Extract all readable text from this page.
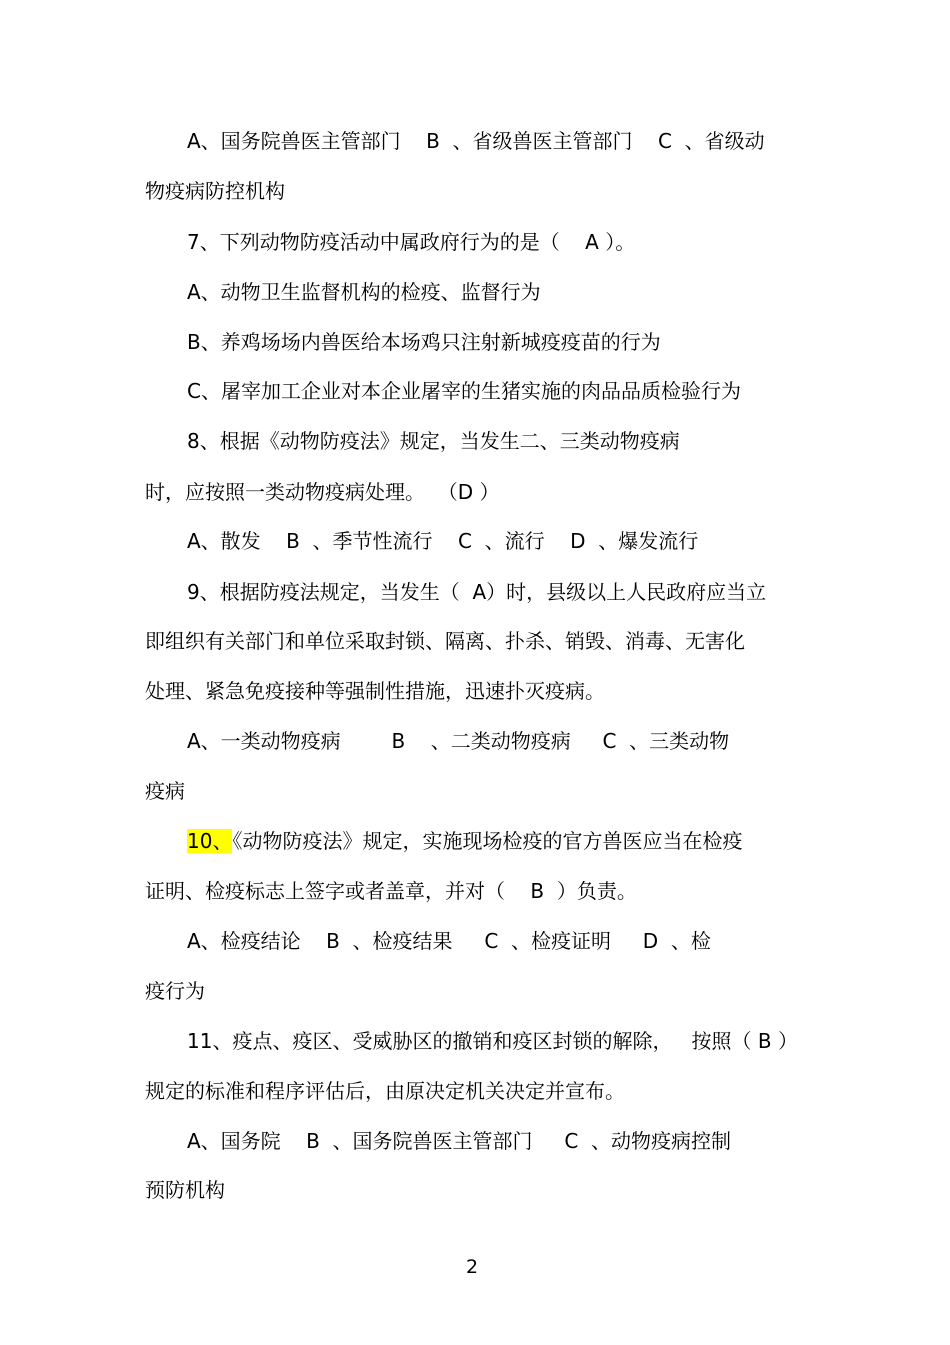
A、国务院兽医主管部门    B  、省级兽医主管部门    C  、省级动
物疫病防控机构
7、下列动物防疫活动中属政府行为的是（    A ）。
A、动物卫生监督机构的检疫、监督行为
B、养鸡场场内兽医给本场鸡只注射新城疫疫苗的行为
C、屠宰加工企业对本企业屠宰的生猪实施的肉品品质检验行为
8、根据《动物防疫法》规定，当发生二、三类动物疫病
时，应按照一类动物疫病处理。  （D ）
A、散发    B  、季节性流行    C  、流行    D  、爆发流行
9、根据防疫法规定，当发生（  A）时，县级以上人民政府应当立
即组织有关部门和单位采取封锁、隔离、扑杀、销毁、消毒、无害化
处理、紧急免疫接种等强制性措施，迅速扑灭疫病。
A、一类动物疫病        B    、二类动物疫病     C  、三类动物
疫病
10、《动物防疫法》规定，实施现场检疫的官方兽医应当在检疫
证明、检疫标志上签字或者盖章，并对（    B  ）负责。
A、检疫结论    B  、检疫结果     C  、检疫证明     D  、检
疫行为
11、疫点、疫区、受威胁区的撤销和疫区封锁的解除，   按照（ B ）
规定的标准和程序评估后，由原决定机关决定并宣布。
A、国务院    B  、国务院兽医主管部门     C  、动物疫病控制
预防机构
2
